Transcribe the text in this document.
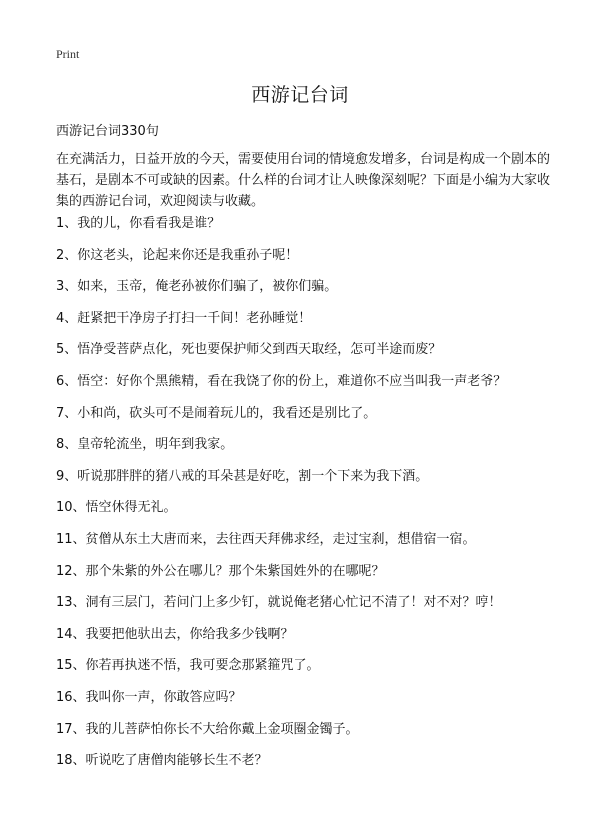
Print
西游记台词

西游记台词330句

在充满活力，日益开放的今天，需要使用台词的情境愈发增多，台词是构成一个剧本的基石，是剧本不可或缺的因素。什么样的台词才让人映像深刻呢？下面是小编为大家收集的西游记台词，欢迎阅读与收藏。

1、我的儿，你看看我是谁？
2、你这老头，论起来你还是我重孙子呢！
3、如来，玉帝，俺老孙被你们骗了，被你们骗。
4、赶紧把干净房子打扫一千间！老孙睡觉！
5、悟净受菩萨点化，死也要保护师父到西天取经，怎可半途而废？
6、悟空：好你个黑熊精，看在我饶了你的份上，难道你不应当叫我一声老爷？
7、小和尚，砍头可不是闹着玩儿的，我看还是别比了。
8、皇帝轮流坐，明年到我家。
9、听说那胖胖的猪八戒的耳朵甚是好吃，割一个下来为我下酒。
10、悟空休得无礼。
11、贫僧从东土大唐而来，去往西天拜佛求经，走过宝刹，想借宿一宿。
12、那个朱紫的外公在哪儿？那个朱紫国姓外的在哪呢？
13、洞有三层门，若问门上多少钉，就说俺老猪心忙记不清了！对不对？哼！
14、我要把他驮出去，你给我多少钱啊？
15、你若再执迷不悟，我可要念那紧箍咒了。
16、我叫你一声，你敢答应吗？
17、我的儿菩萨怕你长不大给你戴上金项圈金镯子。
18、听说吃了唐僧肉能够长生不老？
